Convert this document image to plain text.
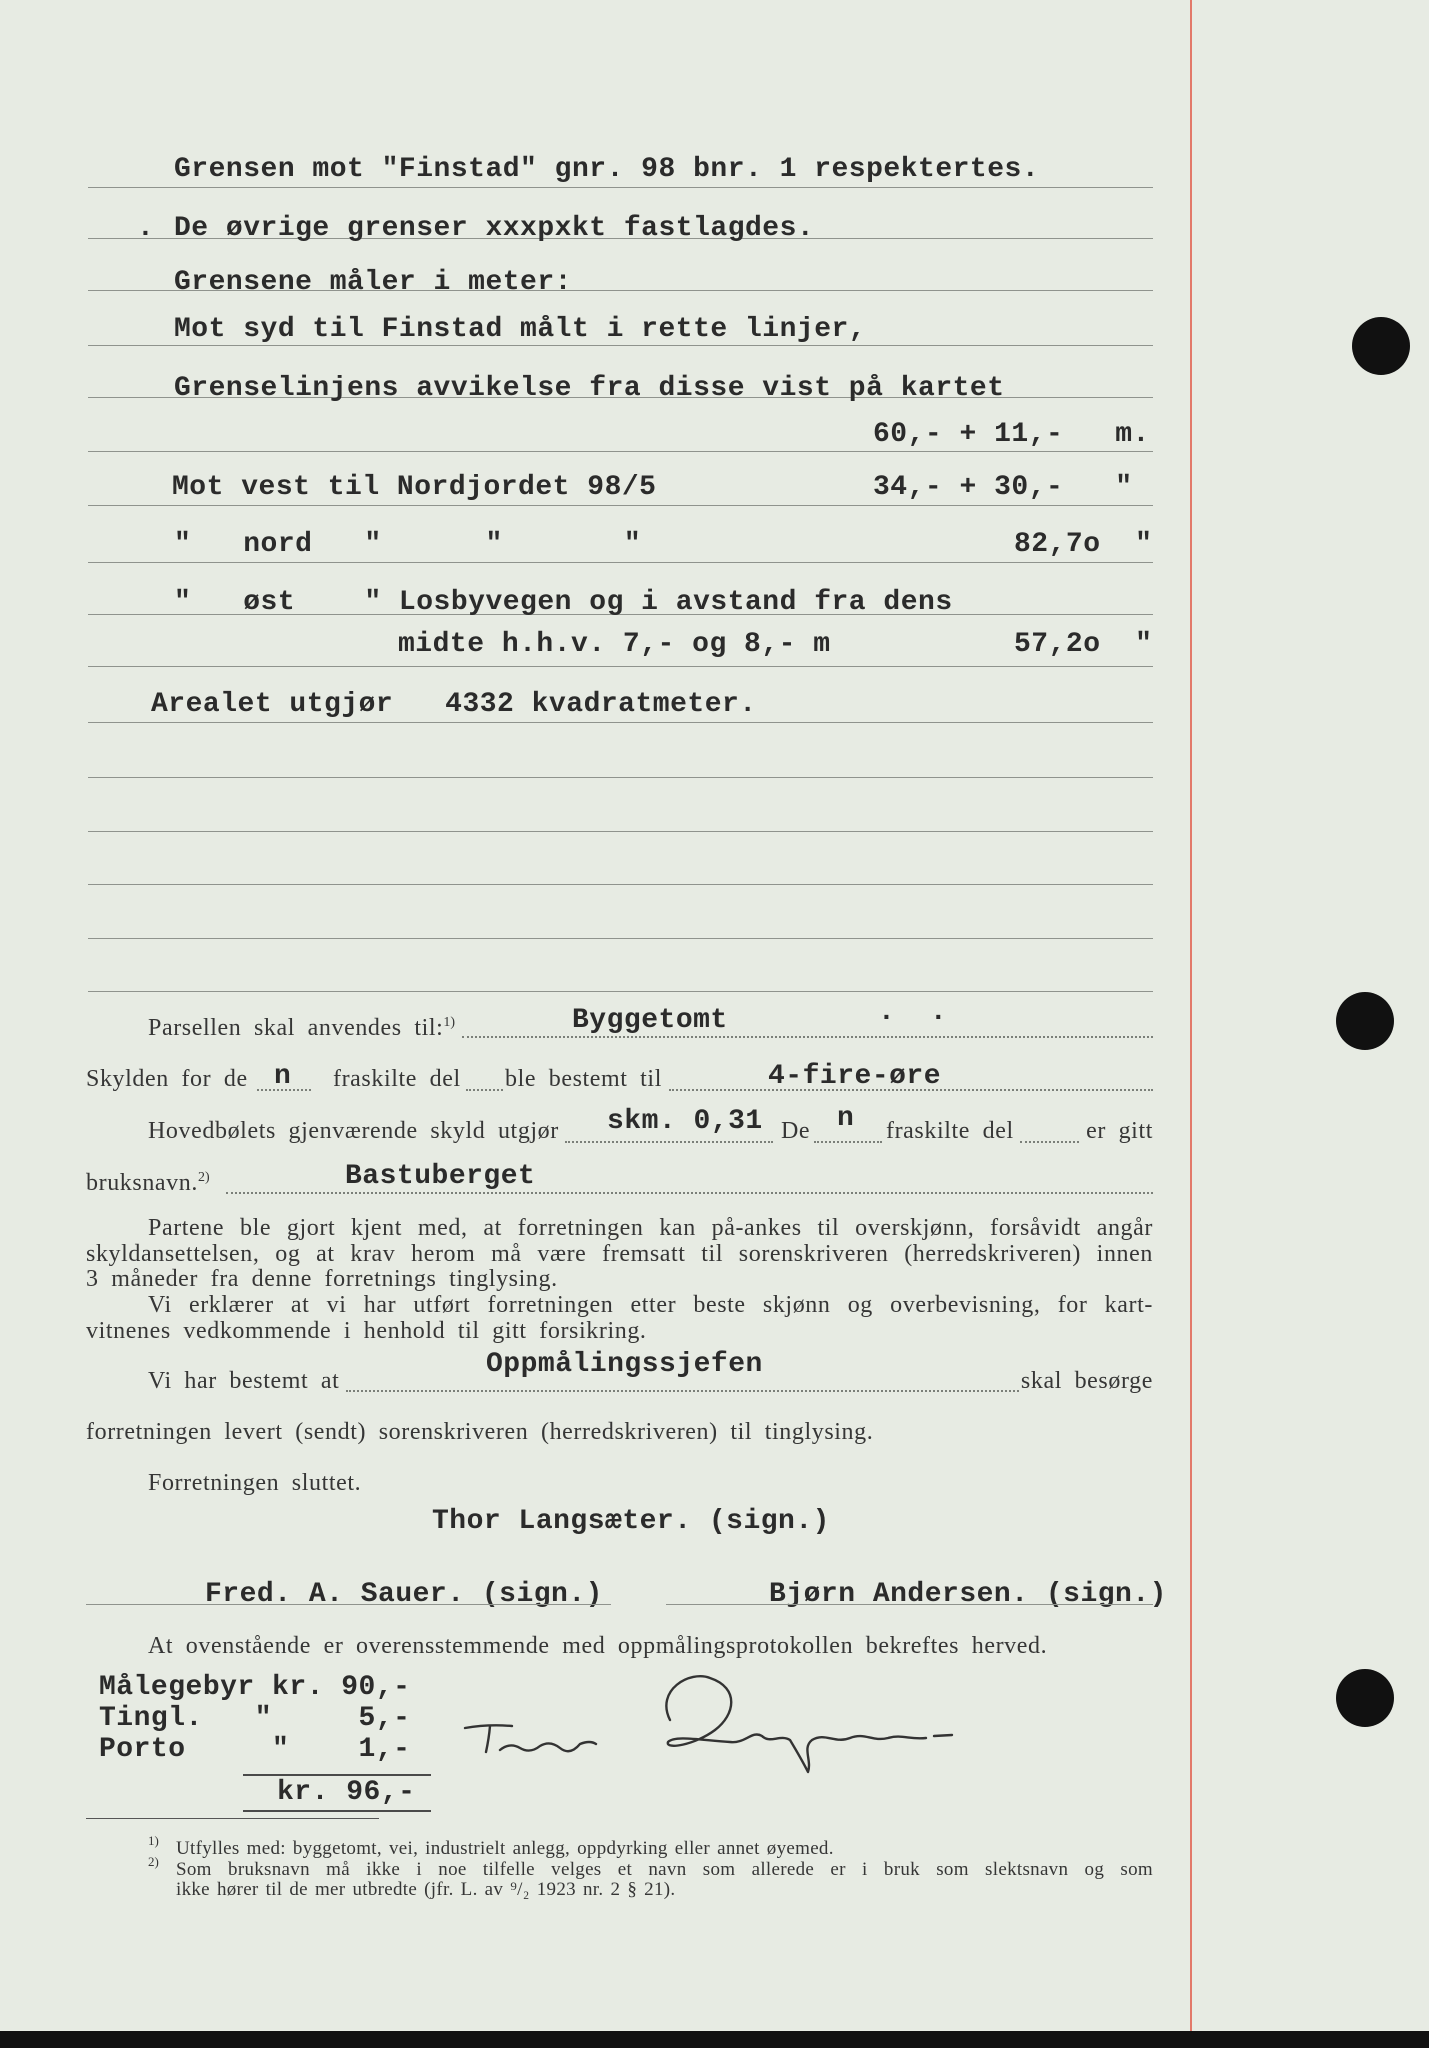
Grensen mot "Finstad" gnr. 98 bnr. 1 respektertes.
. De øvrige grenser xxxpxkt fastlagdes.
Grensene måler i meter:
Mot syd til Finstad målt i rette linjer,
Grenselinjens avvikelse fra disse vist på kartet
60,- + 11,-   m.
Mot vest til Nordjordet 98/5	34,- + 30,-   "
"   nord   "      "       "	82,7o  "
"   øst    " Losbyvegen og i avstand fra dens
midte h.h.v. 7,- og 8,- m	57,2o  "
Arealet utgjør   4332 kvadratmeter.
Parsellen skal anvendes til:$^{1)}$	Byggetomt	.  .
Skylden for de n fraskilte del ble bestemt til	4-fire-øre
Hovedbølets gjenværende skyld utgjør skm. 0,31 De n fraskilte del	er gitt
bruksnavn.$^{2)}$	Bastuberget
Partene ble gjort kjent med, at forretningen kan på-ankes til overskjønn, forsåvidt angår
skyldansettelsen, og at krav herom må være fremsatt til sorenskriveren (herredskriveren) innen
3 måneder fra denne forretnings tinglysing.
Vi erklærer at vi har utført forretningen etter beste skjønn og overbevisning, for kart-
vitnenes vedkommende i henhold til gitt forsikring.
Vi har bestemt at
Oppmålingssjefen
skal besørge
forretningen levert (sendt) sorenskriveren (herredskriveren) til tinglysing.
Forretningen sluttet.
Thor Langsæter. (sign.)
Fred. A. Sauer. (sign.)	Bjørn Andersen. (sign.)
At ovenstående er overensstemmende med oppmålingsprotokollen bekreftes herved.
Målegebyr kr. 90,-
Tingl.   "     5,-
Porto     "    1,-
kr. 96,-
1) Utfylles med: byggetomt, vei, industrielt anlegg, oppdyrking eller annet øyemed.
2) Som bruksnavn må ikke i noe tilfelle velges et navn som allerede er i bruk som slektsnavn og som
ikke hører til de mer utbredte (jfr. L. av ⁹/₂ 1923 nr. 2 § 21).
